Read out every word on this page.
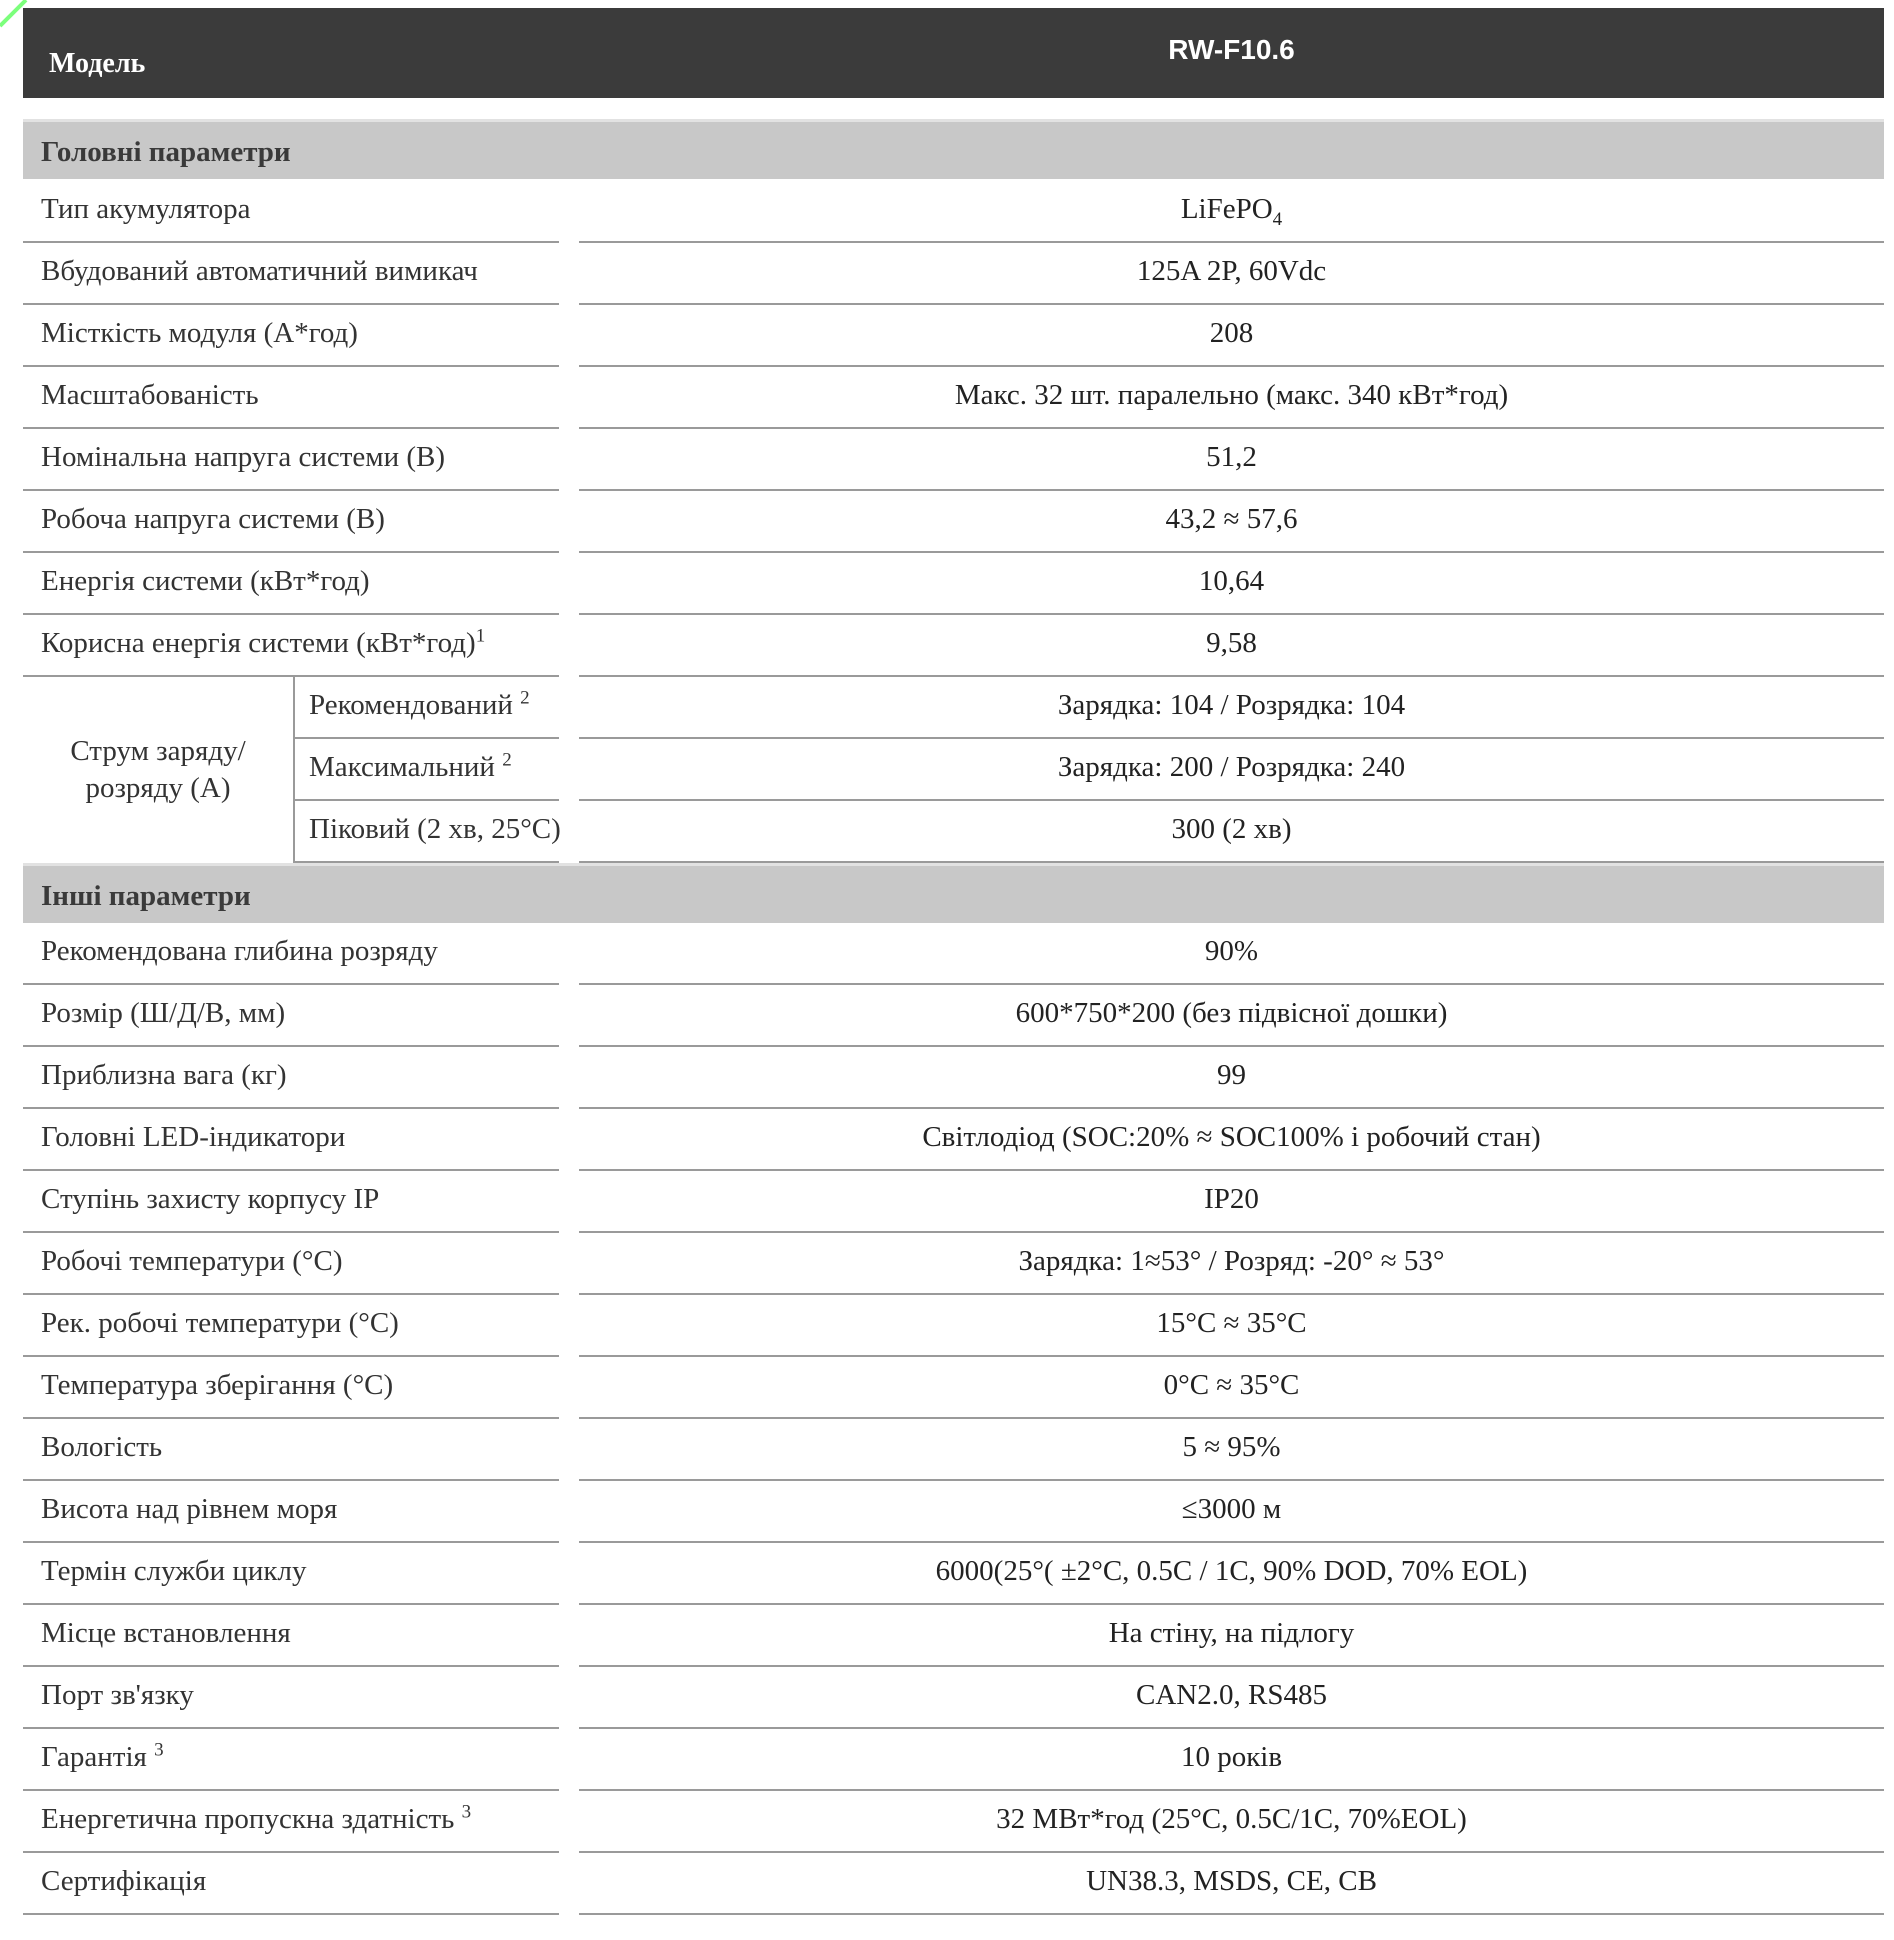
Модель	RW-F10.6
Головні параметри
Тип акумулятора	LiFePO$_4$
Вбудований автоматичний вимикач	125A 2P, 60Vdc
Місткість модуля (А*год)	208
Масштабованість	Макс. 32 шт. паралельно (макс. 340 кВт*год)
Номінальна напруга системи (В)	51,2
Робоча напруга системи (В)	43,2 ≈ 57,6
Енергія системи (кВт*год)	10,64
Корисна енергія системи $(кВт*год)^1$	9,58
Струм заряду/
розряду (А)
Рекомендований $^2$	Зарядка: 104 / Розрядка: 104
Максимальний $^2$	Зарядка: 200 / Розрядка: 240
Піковий (2 хв, 25°C)	300 (2 хв)
Інші параметри
Рекомендована глибина розряду	90%
Розмір (Ш/Д/В, мм)	600*750*200 (без підвісної дошки)
Приблизна вага (кг)	99
Головні LED-індикатори	Світлодіод (SOC:20% ≈ SOC100% і робочий стан)
Ступінь захисту корпусу IP	IP20
Робочі температури (°C)	Зарядка: 1≈53° / Розряд: -20° ≈ 53°
Рек. робочі температури (°C)	15°C ≈ 35°C
Температура зберігання (°C)	0°C ≈ 35°C
Вологість	5 ≈ 95%
Висота над рівнем моря	≤3000 м
Термін служби циклу	6000(25°( ±2°C, 0.5C / 1C, 90% DOD, 70% EOL)
Місце встановлення	На стіну, на підлогу
Порт зв'язку	CAN2.0, RS485
Гарантія $^3$	10 років
Енергетична пропускна здатність $^3$	32 МВт*год (25°C, 0.5C/1C, 70%EOL)
Сертифікація	UN38.3, MSDS, CE, CB
